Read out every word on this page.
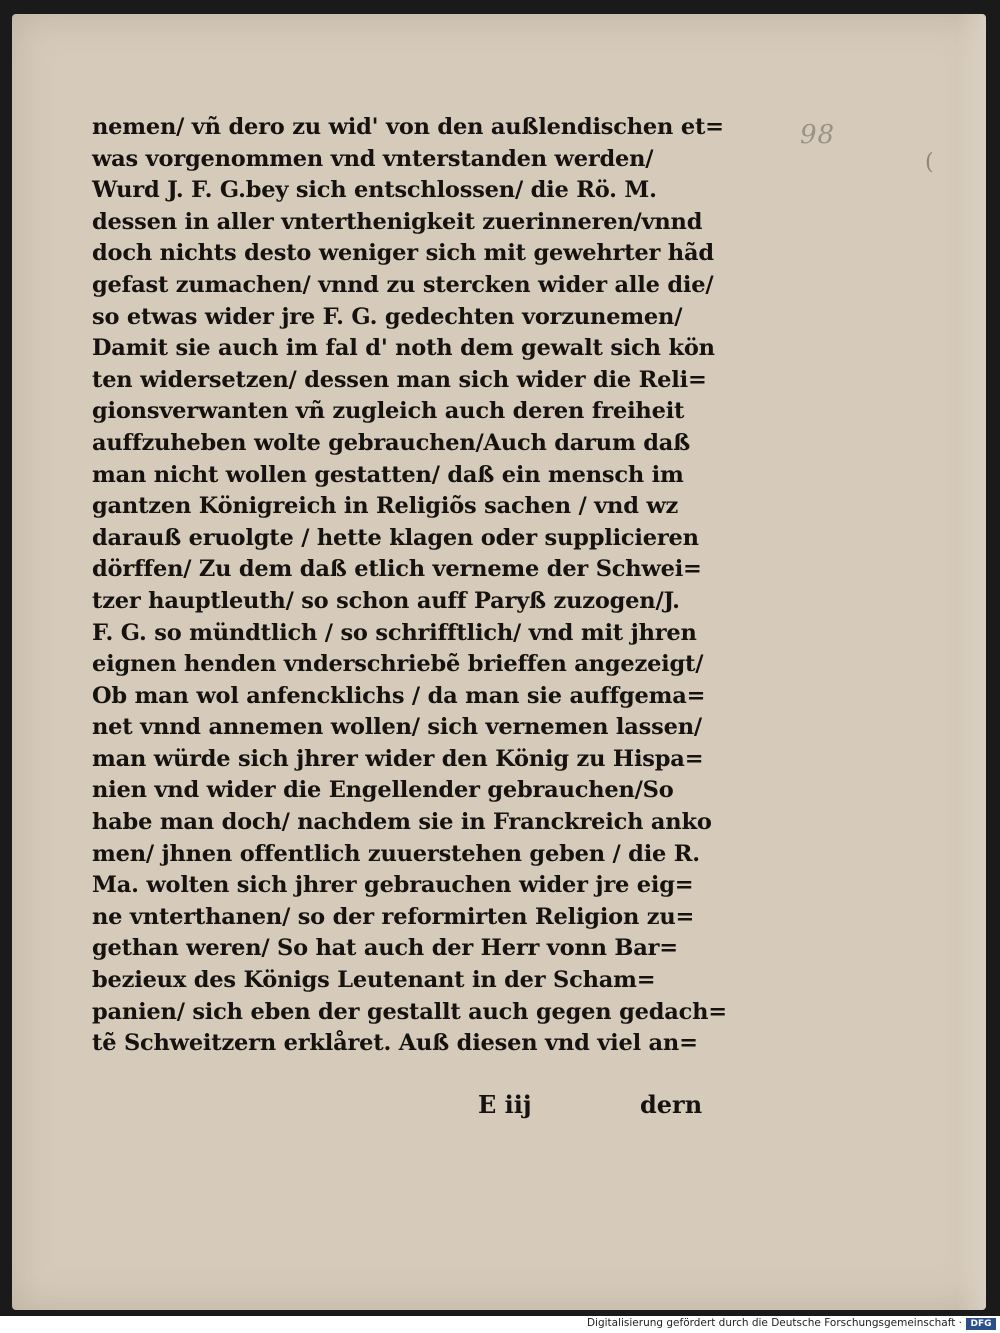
98
(
nemen/ vñ dero zu wid' von den außlendischen et=
was vorgenommen vnd vnterstanden werden/
Wurd J. F. G.bey sich entschlossen/ die Rö. M.
dessen in aller vnterthenigkeit zuerinneren/vnnd
doch nichts desto weniger sich mit gewehrter hãd
gefast zumachen/ vnnd zu stercken wider alle die/
so etwas wider jre F. G. gedechten vorzunemen/
Damit sie auch im fal d' noth dem gewalt sich kön
ten widersetzen/ dessen man sich wider die Reli=
gionsverwanten vñ zugleich auch deren freiheit
auffzuheben wolte gebrauchen/Auch darum daß
man nicht wollen gestatten/ daß ein mensch im
gantzen Königreich in Religiõs sachen / vnd wz
darauß eruolgte / hette klagen oder supplicieren
dörffen/ Zu dem daß etlich verneme der Schwei=
tzer hauptleuth/ so schon auff Paryß zuzogen/J.
F. G. so mündtlich / so schrifftlich/ vnd mit jhren
eignen henden vnderschriebẽ brieffen angezeigt/
Ob man wol anfencklichs / da man sie auffgema=
net vnnd annemen wollen/ sich vernemen lassen/
man würde sich jhrer wider den König zu Hispa=
nien vnd wider die Engellender gebrauchen/So
habe man doch/ nachdem sie in Franckreich anko
men/ jhnen offentlich zuuerstehen geben / die R.
Ma. wolten sich jhrer gebrauchen wider jre eig=
ne vnterthanen/ so der reformirten Religion zu=
gethan weren/ So hat auch der Herr vonn Bar=
bezieux des Königs Leutenant in der Scham=
panien/ sich eben der gestallt auch gegen gedach=
tẽ Schweitzern erklåret. Auß diesen vnd viel an=
E iij	dern
Digitalisierung gefördert durch die Deutsche Forschungsgemeinschaft · DFG
